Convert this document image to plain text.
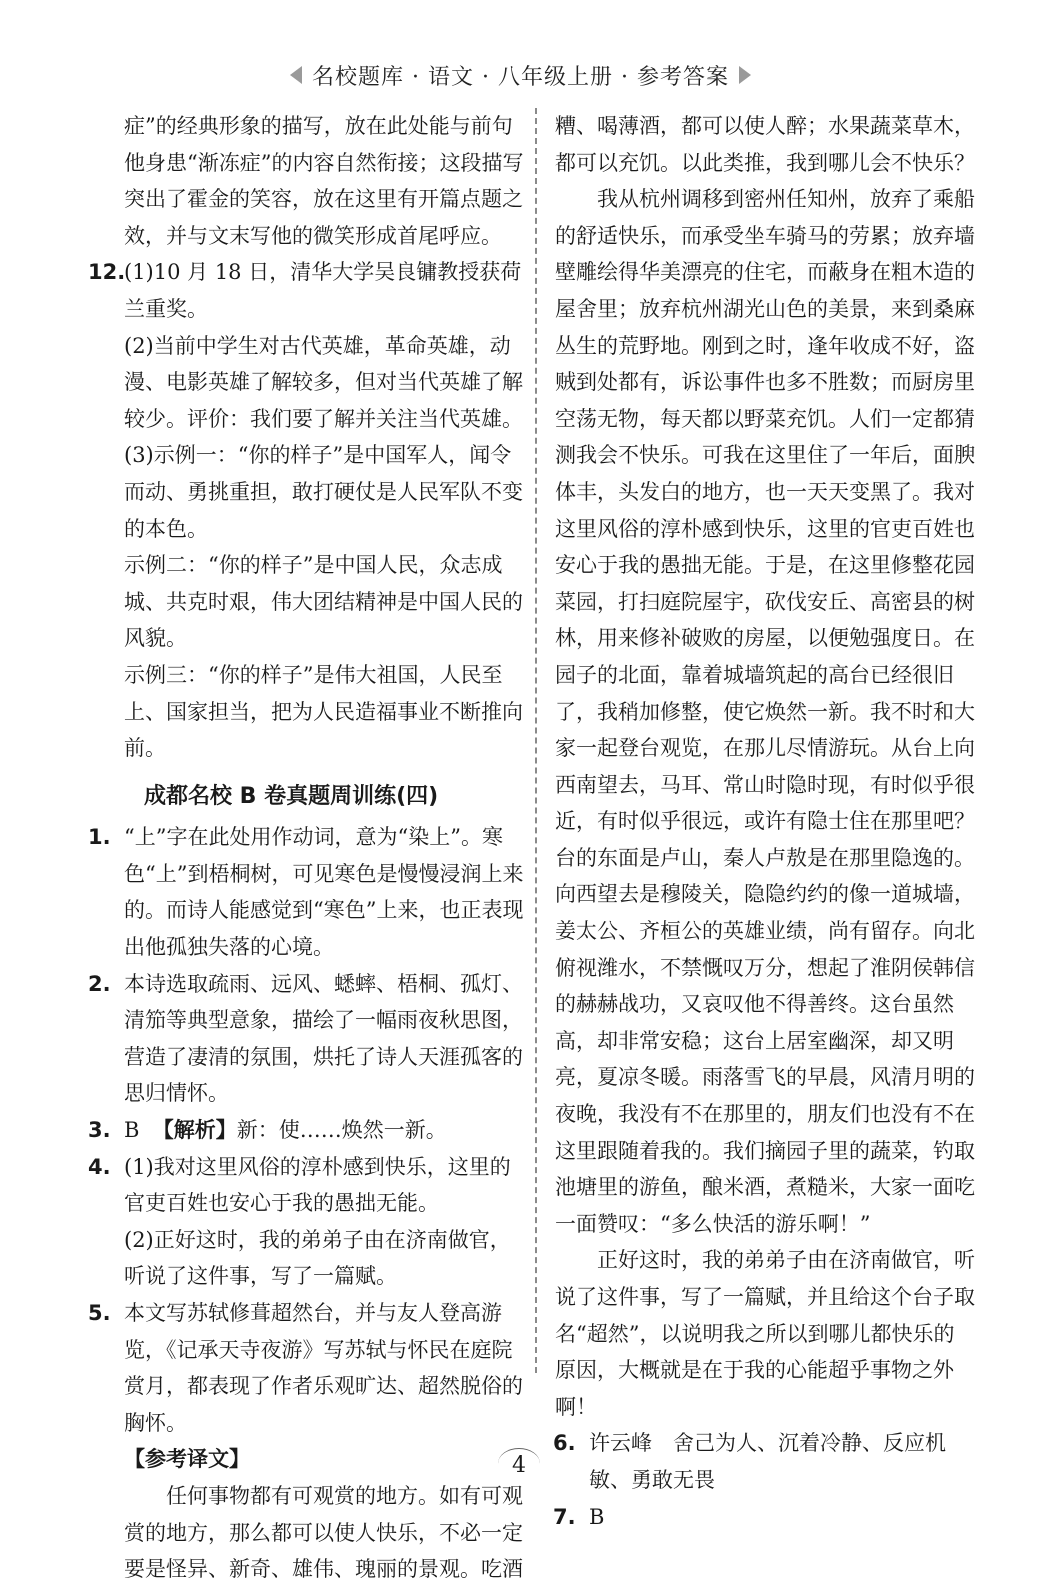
名校题库 · 语文 · 八年级上册 · 参考答案

症”的经典形象的描写，放在此处能与前句他身患“渐冻症”的内容自然衔接；这段描写突出了霍金的笑容，放在这里有开篇点题之效，并与文末写他的微笑形成首尾呼应。

12.

(1)10 月 18 日，清华大学吴良镛教授获荷兰重奖。

(2)当前中学生对古代英雄，革命英雄，动漫、电影英雄了解较多，但对当代英雄了解较少。评价：我们要了解并关注当代英雄。

(3)示例一：“你的样子”是中国军人，闻令而动、勇挑重担，敢打硬仗是人民军队不变的本色。

示例二：“你的样子”是中国人民，众志成城、共克时艰，伟大团结精神是中国人民的风貌。

示例三：“你的样子”是伟大祖国，人民至上、国家担当，把为人民造福事业不断推向前。

成都名校 B 卷真题周训练(四)
1. “上”字在此处用作动词，意为“染上”。寒色“上”到梧桐树，可见寒色是慢慢浸润上来的。而诗人能感觉到“寒色”上来，也正表现出他孤独失落的心境。

2. 本诗选取疏雨、远风、蟋蟀、梧桐、孤灯、清笳等典型意象，描绘了一幅雨夜秋思图，营造了凄清的氛围，烘托了诗人天涯孤客的思归情怀。

3. B 【解析】新：使……焕然一新。

4. (1)我对这里风俗的淳朴感到快乐，这里的官吏百姓也安心于我的愚拙无能。

(2)正好这时，我的弟弟子由在济南做官，听说了这件事，写了一篇赋。

5. 本文写苏轼修葺超然台，并与友人登高游览，《记承天寺夜游》写苏轼与怀民在庭院赏月，都表现了作者乐观旷达、超然脱俗的胸怀。

【参考译文】

任何事物都有可观赏的地方。如有可观赏的地方，那么都可以使人快乐，不必一定要是怪异、新奇、雄伟、瑰丽的景观。吃酒

糟、喝薄酒，都可以使人醉；水果蔬菜草木，都可以充饥。以此类推，我到哪儿会不快乐？

我从杭州调移到密州任知州，放弃了乘船的舒适快乐，而承受坐车骑马的劳累；放弃墙壁雕绘得华美漂亮的住宅，而蔽身在粗木造的屋舍里；放弃杭州湖光山色的美景，来到桑麻丛生的荒野地。刚到之时，逢年收成不好，盗贼到处都有，诉讼事件也多不胜数；而厨房里空荡无物，每天都以野菜充饥。人们一定都猜测我会不快乐。可我在这里住了一年后，面腴体丰，头发白的地方，也一天天变黑了。我对这里风俗的淳朴感到快乐，这里的官吏百姓也安心于我的愚拙无能。于是，在这里修整花园菜园，打扫庭院屋宇，砍伐安丘、高密县的树林，用来修补破败的房屋，以便勉强度日。在园子的北面，靠着城墙筑起的高台已经很旧了，我稍加修整，使它焕然一新。我不时和大家一起登台观览，在那儿尽情游玩。从台上向西南望去，马耳、常山时隐时现，有时似乎很近，有时似乎很远，或许有隐士住在那里吧？台的东面是卢山，秦人卢敖是在那里隐逸的。向西望去是穆陵关，隐隐约约的像一道城墙，姜太公、齐桓公的英雄业绩，尚有留存。向北俯视潍水，不禁慨叹万分，想起了淮阴侯韩信的赫赫战功，又哀叹他不得善终。这台虽然高，却非常安稳；这台上居室幽深，却又明亮，夏凉冬暖。雨落雪飞的早晨，风清月明的夜晚，我没有不在那里的，朋友们也没有不在这里跟随着我的。我们摘园子里的蔬菜，钓取池塘里的游鱼，酿米酒，煮糙米，大家一面吃一面赞叹：“多么快活的游乐啊！”

正好这时，我的弟弟子由在济南做官，听说了这件事，写了一篇赋，并且给这个台子取名“超然”，以说明我之所以到哪儿都快乐的原因，大概就是在于我的心能超乎事物之外啊！

6. 许云峰　舍己为人、沉着冷静、反应机敏、勇敢无畏

7. B

4
